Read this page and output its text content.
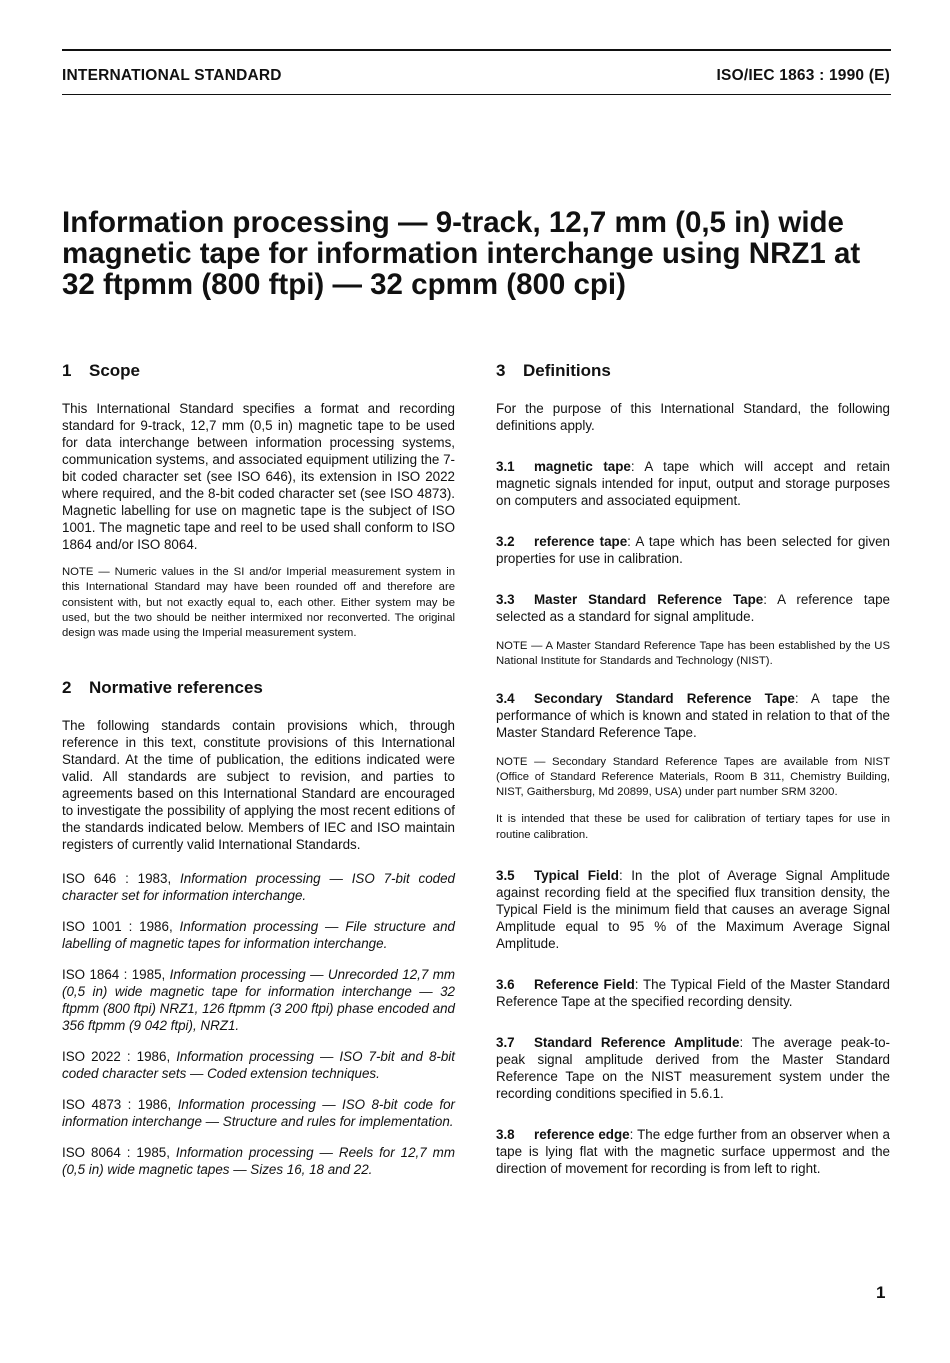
INTERNATIONAL STANDARD	ISO/IEC 1863 : 1990 (E)
Information processing — 9-track, 12,7 mm (0,5 in) wide magnetic tape for information interchange using NRZ1 at 32 ftpmm (800 ftpi) — 32 cpmm (800 cpi)
1 Scope

This International Standard specifies a format and recording standard for 9-track, 12,7 mm (0,5 in) magnetic tape to be used for data interchange between information processing systems, communication systems, and associated equipment utilizing the 7-bit coded character set (see ISO 646), its extension in ISO 2022 where required, and the 8-bit coded character set (see ISO 4873). Magnetic labelling for use on magnetic tape is the subject of ISO 1001. The magnetic tape and reel to be used shall conform to ISO 1864 and/or ISO 8064.

NOTE — Numeric values in the SI and/or Imperial measurement system in this International Standard may have been rounded off and therefore are consistent with, but not exactly equal to, each other. Either system may be used, but the two should be neither intermixed nor reconverted. The original design was made using the Imperial measurement system.

2 Normative references

The following standards contain provisions which, through reference in this text, constitute provisions of this International Standard. At the time of publication, the editions indicated were valid. All standards are subject to revision, and parties to agreements based on this International Standard are encouraged to investigate the possibility of applying the most recent editions of the standards indicated below. Members of IEC and ISO maintain registers of currently valid International Standards.

ISO 646 : 1983, Information processing — ISO 7-bit coded character set for information interchange.

ISO 1001 : 1986, Information processing — File structure and labelling of magnetic tapes for information interchange.

ISO 1864 : 1985, Information processing — Unrecorded 12,7 mm (0,5 in) wide magnetic tape for information interchange — 32 ftpmm (800 ftpi) NRZ1, 126 ftpmm (3 200 ftpi) phase encoded and 356 ftpmm (9 042 ftpi), NRZ1.

ISO 2022 : 1986, Information processing — ISO 7-bit and 8-bit coded character sets — Coded extension techniques.

ISO 4873 : 1986, Information processing — ISO 8-bit code for information interchange — Structure and rules for implementation.

ISO 8064 : 1985, Information processing — Reels for 12,7 mm (0,5 in) wide magnetic tapes — Sizes 16, 18 and 22.

3 Definitions

For the purpose of this International Standard, the following definitions apply.

3.1 magnetic tape: A tape which will accept and retain magnetic signals intended for input, output and storage purposes on computers and associated equipment.

3.2 reference tape: A tape which has been selected for given properties for use in calibration.

3.3 Master Standard Reference Tape: A reference tape selected as a standard for signal amplitude.

NOTE — A Master Standard Reference Tape has been established by the US National Institute for Standards and Technology (NIST).

3.4 Secondary Standard Reference Tape: A tape the performance of which is known and stated in relation to that of the Master Standard Reference Tape.

NOTE — Secondary Standard Reference Tapes are available from NIST (Office of Standard Reference Materials, Room B 311, Chemistry Building, NIST, Gaithersburg, Md 20899, USA) under part number SRM 3200.

It is intended that these be used for calibration of tertiary tapes for use in routine calibration.

3.5 Typical Field: In the plot of Average Signal Amplitude against recording field at the specified flux transition density, the Typical Field is the minimum field that causes an average Signal Amplitude equal to 95 % of the Maximum Average Signal Amplitude.

3.6 Reference Field: The Typical Field of the Master Standard Reference Tape at the specified recording density.

3.7 Standard Reference Amplitude: The average peak-to-peak signal amplitude derived from the Master Standard Reference Tape on the NIST measurement system under the recording conditions specified in 5.6.1.

3.8 reference edge: The edge further from an observer when a tape is lying flat with the magnetic surface uppermost and the direction of movement for recording is from left to right.

1
